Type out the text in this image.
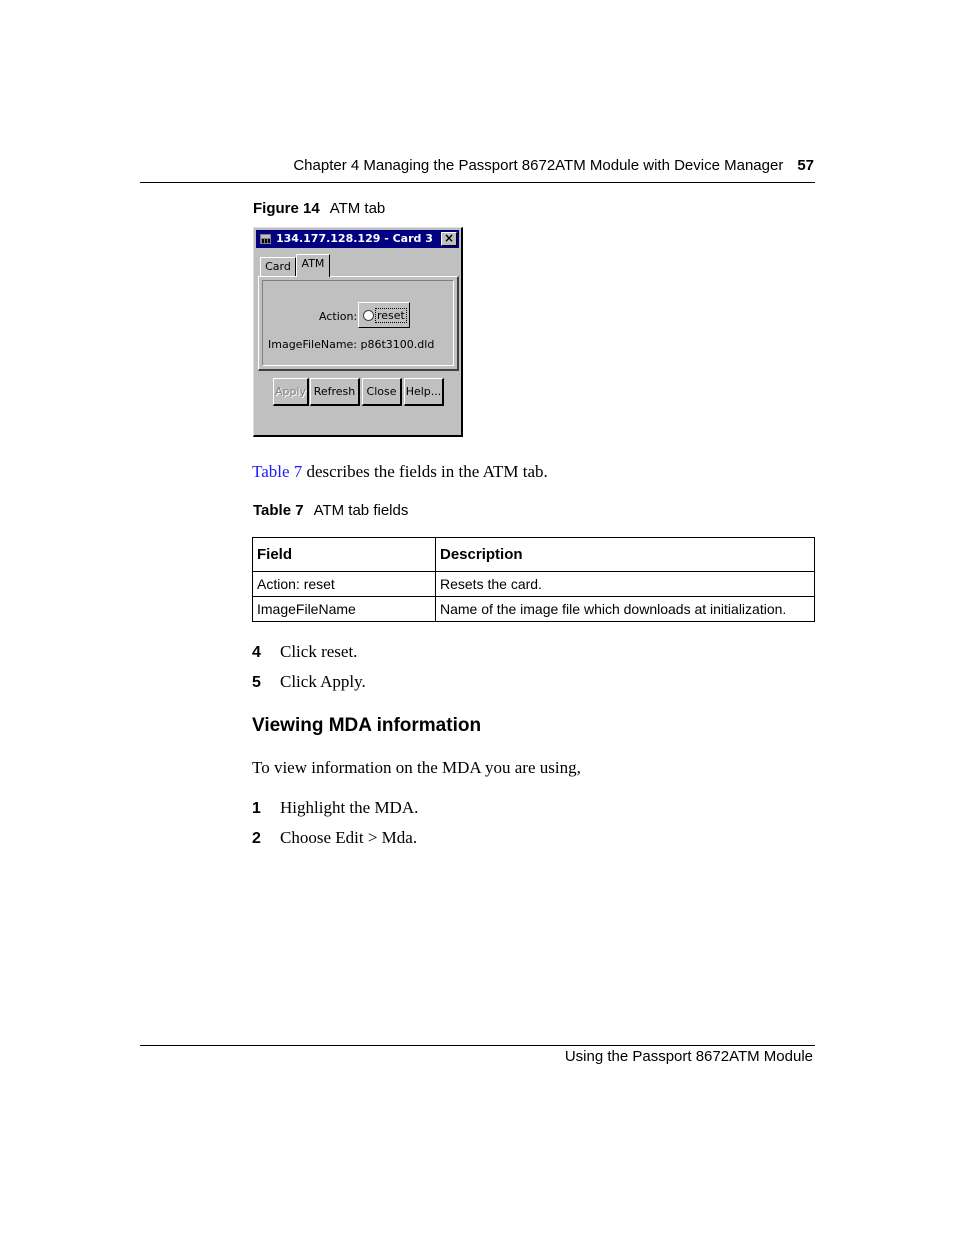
Chapter 4 Managing the Passport 8672ATM Module with Device Manager 57
Figure 14 ATM tab
134.177.128.129 - Card 3 ×
Card ATM
Action: reset
ImageFileName: p86t3100.dld
Apply Refresh	Close Help...
Table 7 describes the fields in the ATM tab.
Table 7 ATM tab fields
Field	Description
Action: reset	Resets the card.
ImageFileName	Name of the image file which downloads at initialization.
4 Click reset.
5 Click Apply.
Viewing MDA information
To view information on the MDA you are using,
1 Highlight the MDA.
2 Choose Edit > Mda.
Using the Passport 8672ATM Module
